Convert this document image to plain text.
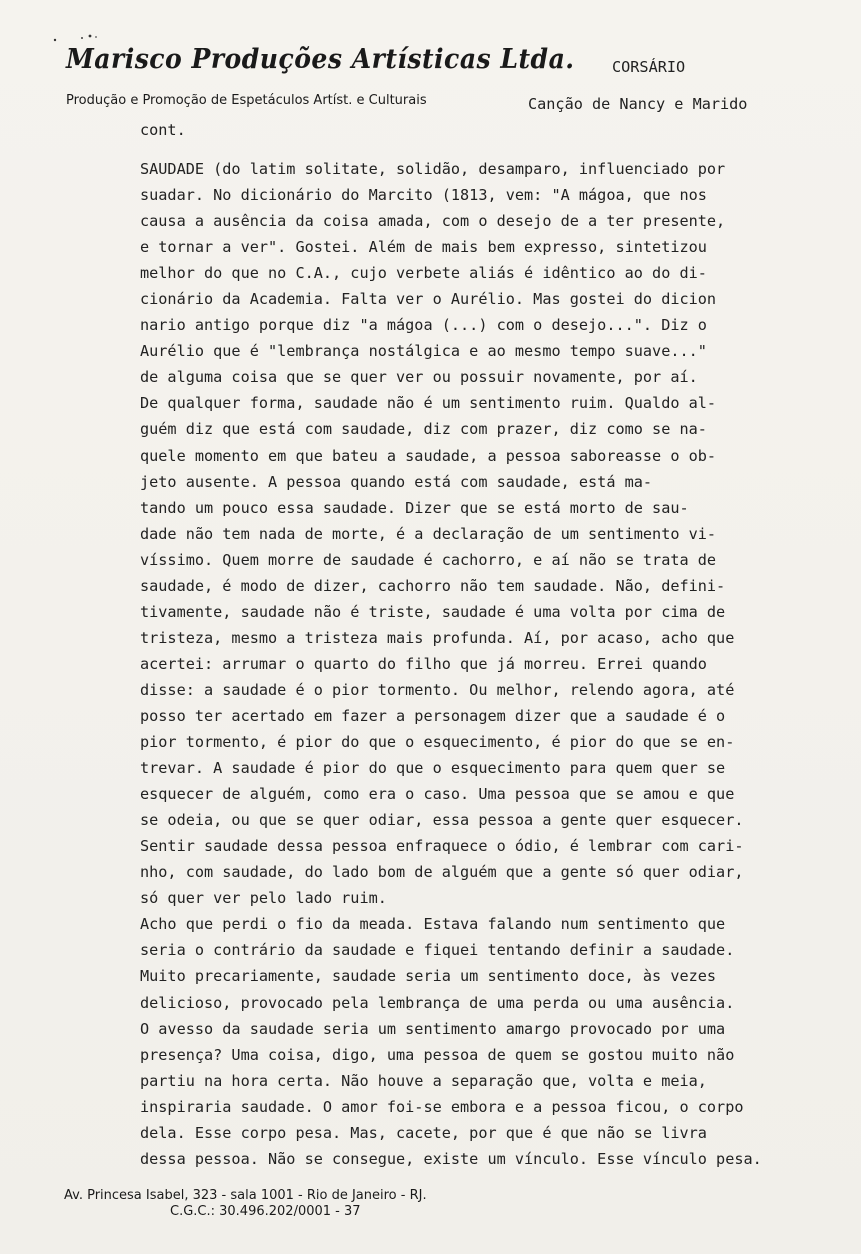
Marisco Produções Artísticas Ltda.
Produção e Promoção de Espetáculos Artíst. e Culturais
CORSÁRIO
Canção de Nancy e Marido
cont.
SAUDADE (do latim solitate, solidão, desamparo, influenciado por
suadar. No dicionário do Marcito (1813, vem: "A mágoa, que nos
causa a ausência da coisa amada, com o desejo de a ter presente,
e tornar a ver". Gostei. Além de mais bem expresso, sintetizou
melhor do que no C.A., cujo verbete aliás é idêntico ao do di-
cionário da Academia. Falta ver o Aurélio. Mas gostei do dicion
nario antigo porque diz "a mágoa (...) com o desejo...". Diz o
Aurélio que é "lembrança nostálgica e ao mesmo tempo suave..."
de alguma coisa que se quer ver ou possuir novamente, por aí.
De qualquer forma, saudade não é um sentimento ruim. Qualdo al-
guém diz que está com saudade, diz com prazer, diz como se na-
quele momento em que bateu a saudade, a pessoa saboreasse o ob-
jeto ausente. A pessoa quando está com saudade, está ma-
tando um pouco essa saudade. Dizer que se está morto de sau-
dade não tem nada de morte, é a declaração de um sentimento vi-
víssimo. Quem morre de saudade é cachorro, e aí não se trata de
saudade, é modo de dizer, cachorro não tem saudade. Não, defini-
tivamente, saudade não é triste, saudade é uma volta por cima de
tristeza, mesmo a tristeza mais profunda. Aí, por acaso, acho que
acertei: arrumar o quarto do filho que já morreu. Errei quando
disse: a saudade é o pior tormento. Ou melhor, relendo agora, até
posso ter acertado em fazer a personagem dizer que a saudade é o
pior tormento, é pior do que o esquecimento, é pior do que se en-
trevar. A saudade é pior do que o esquecimento para quem quer se
esquecer de alguém, como era o caso. Uma pessoa que se amou e que
se odeia, ou que se quer odiar, essa pessoa a gente quer esquecer.
Sentir saudade dessa pessoa enfraquece o ódio, é lembrar com cari-
nho, com saudade, do lado bom de alguém que a gente só quer odiar,
só quer ver pelo lado ruim.
Acho que perdi o fio da meada. Estava falando num sentimento que
seria o contrário da saudade e fiquei tentando definir a saudade.
Muito precariamente, saudade seria um sentimento doce, às vezes
delicioso, provocado pela lembrança de uma perda ou uma ausência.
O avesso da saudade seria um sentimento amargo provocado por uma
presença? Uma coisa, digo, uma pessoa de quem se gostou muito não
partiu na hora certa. Não houve a separação que, volta e meia,
inspiraria saudade. O amor foi-se embora e a pessoa ficou, o corpo
dela. Esse corpo pesa. Mas, cacete, por que é que não se livra
dessa pessoa. Não se consegue, existe um vínculo. Esse vínculo pesa.
Av. Princesa Isabel, 323 - sala 1001 - Rio de Janeiro - RJ.
C.G.C.: 30.496.202/0001 - 37
